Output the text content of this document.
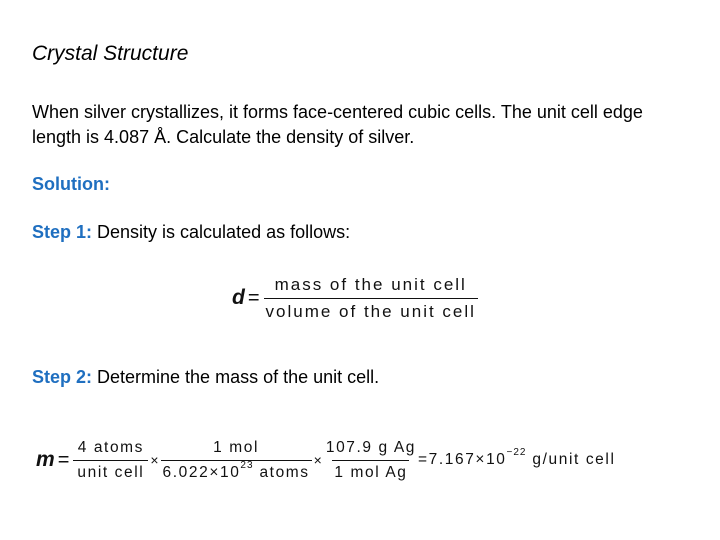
Crystal Structure
When silver crystallizes, it forms face-centered cubic cells. The unit cell edge length is 4.087 Å. Calculate the density of silver.
Solution:
Step 1: Density is calculated as follows:
$d = \frac{\text{mass of the unit cell}}{\text{volume of the unit cell}}$
Step 2: Determine the mass of the unit cell.
$m = \frac{\text{4 atoms}}{\text{unit cell}} \times \frac{\text{1 mol}}{6.022\times 10^{23} atoms} \times \frac{\text{107.9 g Ag}}{\text{1 mol Ag}} =7.167\times 10^{-22}$ g/unit cell
